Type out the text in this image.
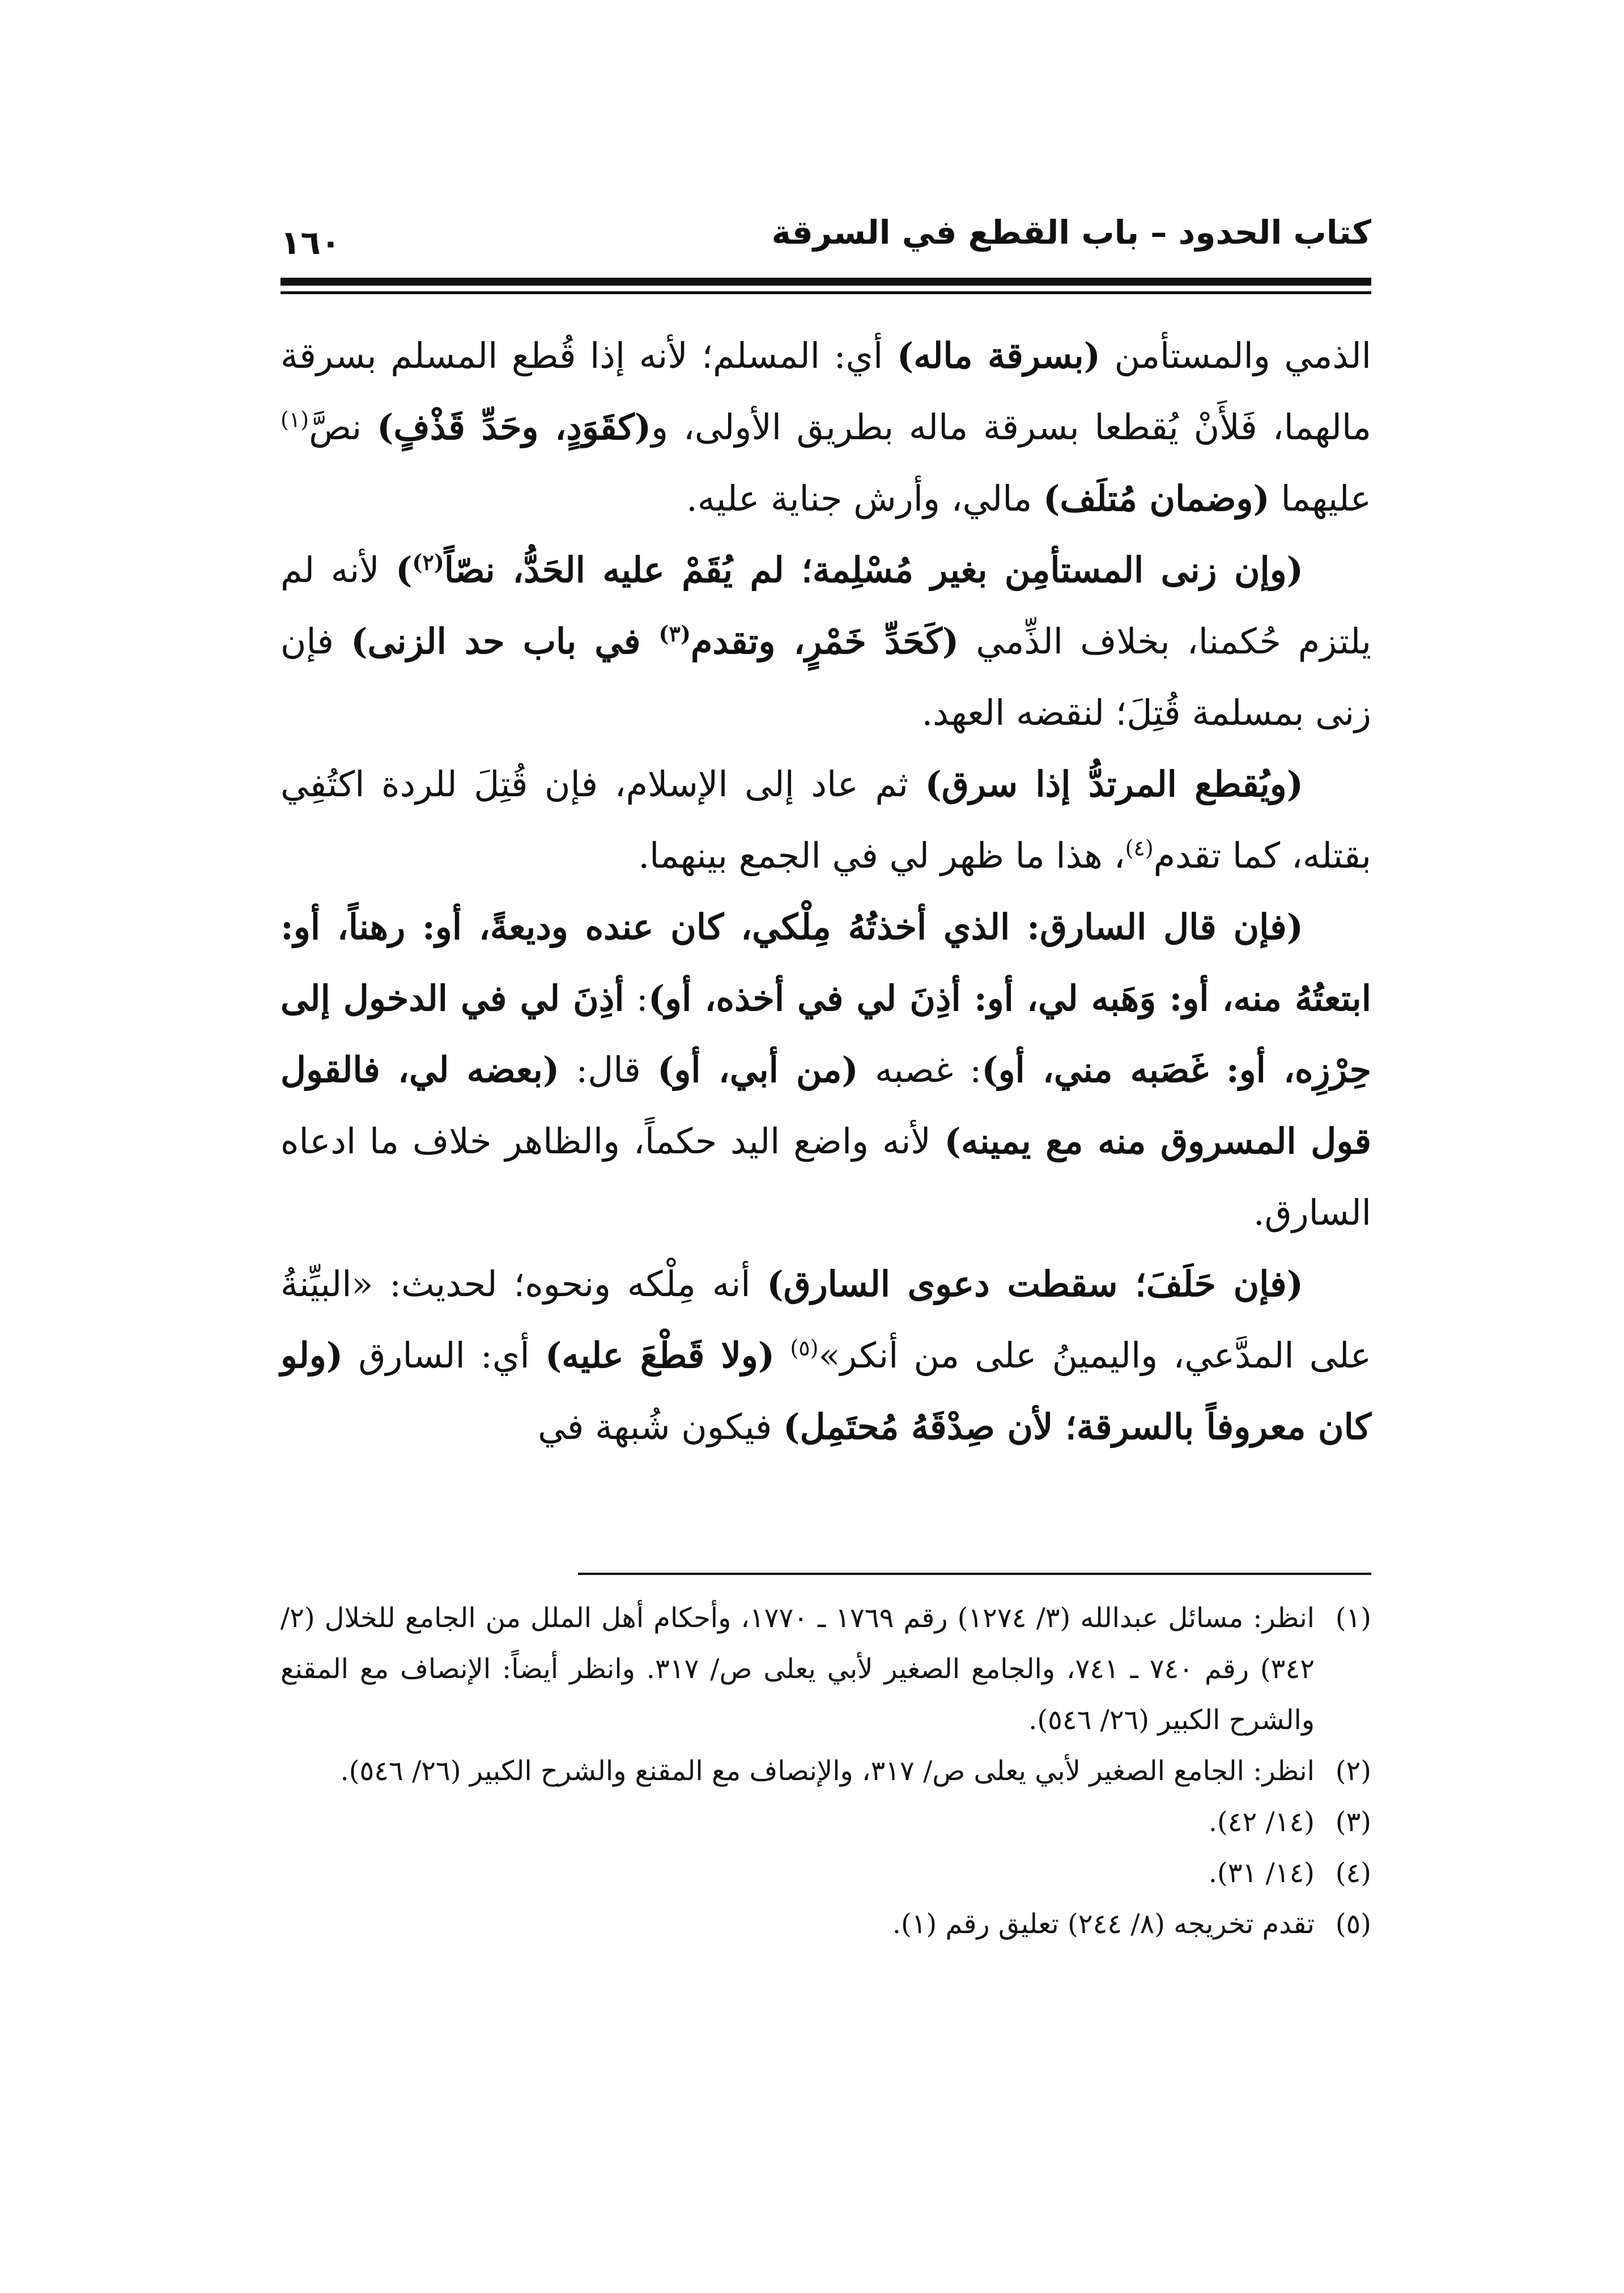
كتاب الحدود – باب القطع في السرقة
١٦٠

الذمي والمستأمن (بسرقة ماله) أي: المسلم؛ لأنه إذا قُطع المسلم بسرقة مالهما، فَلأَنْ يُقطعا بسرقة ماله بطريق الأولى، و(كقَوَدٍ، وحَدِّ قَذْفٍ) نصَّ$^{(١)}$ عليهما (وضمان مُتلَف) مالي، وأرش جناية عليه.

(وإن زنى المستأمِن بغير مُسْلِمة؛ لم يُقَمْ عليه الحَدُّ، نصّاً$^{(٢)}$) لأنه لم يلتزم حُكمنا، بخلاف الذِّمي (كَحَدِّ خَمْرٍ، وتقدم$^{(٣)}$ في باب حد الزنى) فإن زنى بمسلمة قُتِلَ؛ لنقضه العهد.

(ويُقطع المرتدُّ إذا سرق) ثم عاد إلى الإسلام، فإن قُتِلَ للردة اكتُفِي بقتله، كما تقدم$^{(٤)}$، هذا ما ظهر لي في الجمع بينهما.

(فإن قال السارق: الذي أخذتُهُ مِلْكي، كان عنده وديعةً، أو: رهناً، أو: ابتعتُهُ منه، أو: وَهَبه لي، أو: أذِنَ لي في أخذه، أو): أذِنَ لي في الدخول إلى حِرْزِه، أو: غَصَبه مني، أو): غصبه (من أبي، أو) قال: (بعضه لي، فالقول قول المسروق منه مع يمينه) لأنه واضع اليد حكماً، والظاهر خلاف ما ادعاه السارق.

(فإن حَلَفَ؛ سقطت دعوى السارق) أنه مِلْكه ونحوه؛ لحديث: «البيِّنةُ على المدَّعي، واليمينُ على من أنكر»$^{(٥)}$ (ولا قَطْعَ عليه) أي: السارق (ولو كان معروفاً بالسرقة؛ لأن صِدْقَهُ مُحتَمِل) فيكون شُبهة في

(١)
انظر: مسائل عبدالله (٣/ ١٢٧٤) رقم ١٧٦٩ ـ ١٧٧٠، وأحكام أهل الملل من الجامع للخلال (٢/ ٣٤٢) رقم ٧٤٠ ـ ٧٤١، والجامع الصغير لأبي يعلى ص/ ٣١٧. وانظر أيضاً: الإنصاف مع المقنع والشرح الكبير (٢٦/ ٥٤٦).

(٢)
انظر: الجامع الصغير لأبي يعلى ص/ ٣١٧، والإنصاف مع المقنع والشرح الكبير (٢٦/ ٥٤٦).

(٣)
(١٤/ ٤٢).

(٤)
(١٤/ ٣١).

(٥)
تقدم تخريجه (٨/ ٢٤٤) تعليق رقم (١).
